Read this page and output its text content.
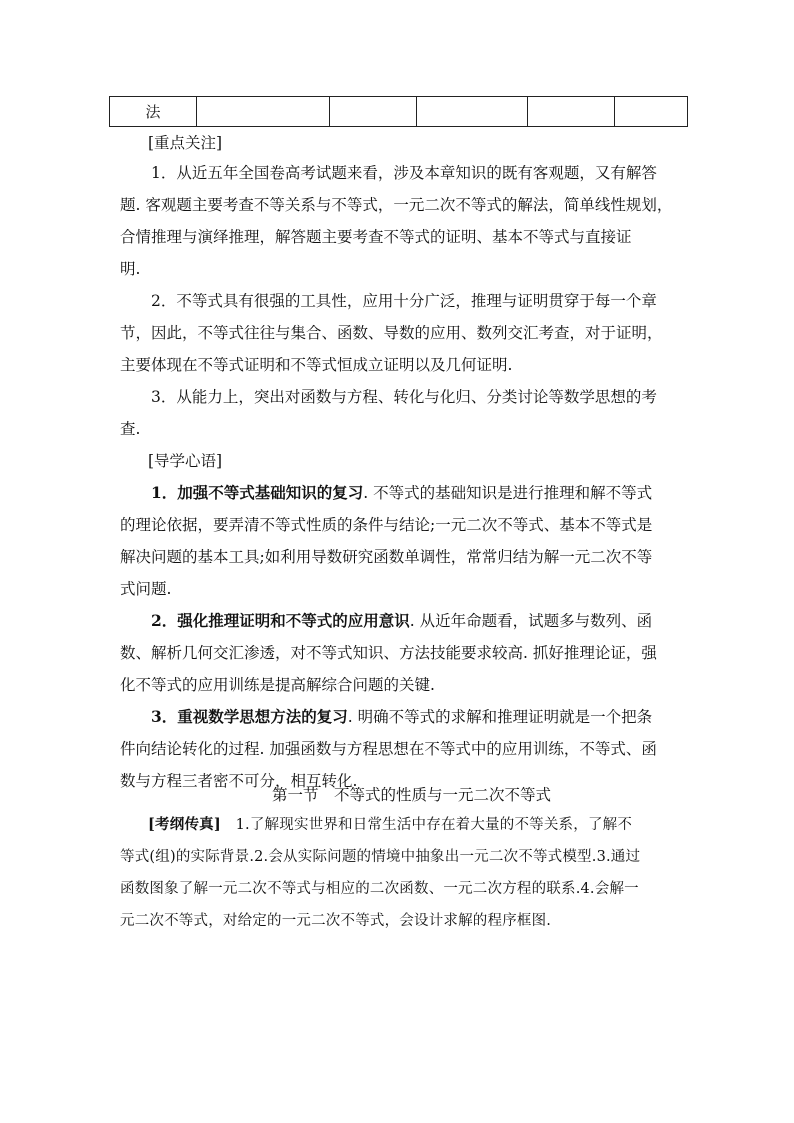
法					
[重点关注]
1．从近五年全国卷高考试题来看，涉及本章知识的既有客观题，又有解答
题. 客观题主要考查不等关系与不等式，一元二次不等式的解法，简单线性规划，
合情推理与演绎推理，解答题主要考查不等式的证明、基本不等式与直接证
明.
2．不等式具有很强的工具性，应用十分广泛，推理与证明贯穿于每一个章
节，因此，不等式往往与集合、函数、导数的应用、数列交汇考查，对于证明，
主要体现在不等式证明和不等式恒成立证明以及几何证明.
3．从能力上，突出对函数与方程、转化与化归、分类讨论等数学思想的考
查.
[导学心语]
1．加强不等式基础知识的复习. 不等式的基础知识是进行推理和解不等式
的理论依据，要弄清不等式性质的条件与结论;一元二次不等式、基本不等式是
解决问题的基本工具;如利用导数研究函数单调性，常常归结为解一元二次不等
式问题.
2．强化推理证明和不等式的应用意识. 从近年命题看，试题多与数列、函
数、解析几何交汇渗透，对不等式知识、方法技能要求较高. 抓好推理论证，强
化不等式的应用训练是提高解综合问题的关键.
3．重视数学思想方法的复习. 明确不等式的求解和推理证明就是一个把条
件向结论转化的过程. 加强函数与方程思想在不等式中的应用训练，不等式、函
数与方程三者密不可分，相互转化.
第一节　不等式的性质与一元二次不等式
[考纲传真]　1.了解现实世界和日常生活中存在着大量的不等关系，了解不
等式(组)的实际背景.2.会从实际问题的情境中抽象出一元二次不等式模型.3.通过
函数图象了解一元二次不等式与相应的二次函数、一元二次方程的联系.4.会解一
元二次不等式，对给定的一元二次不等式，会设计求解的程序框图.
